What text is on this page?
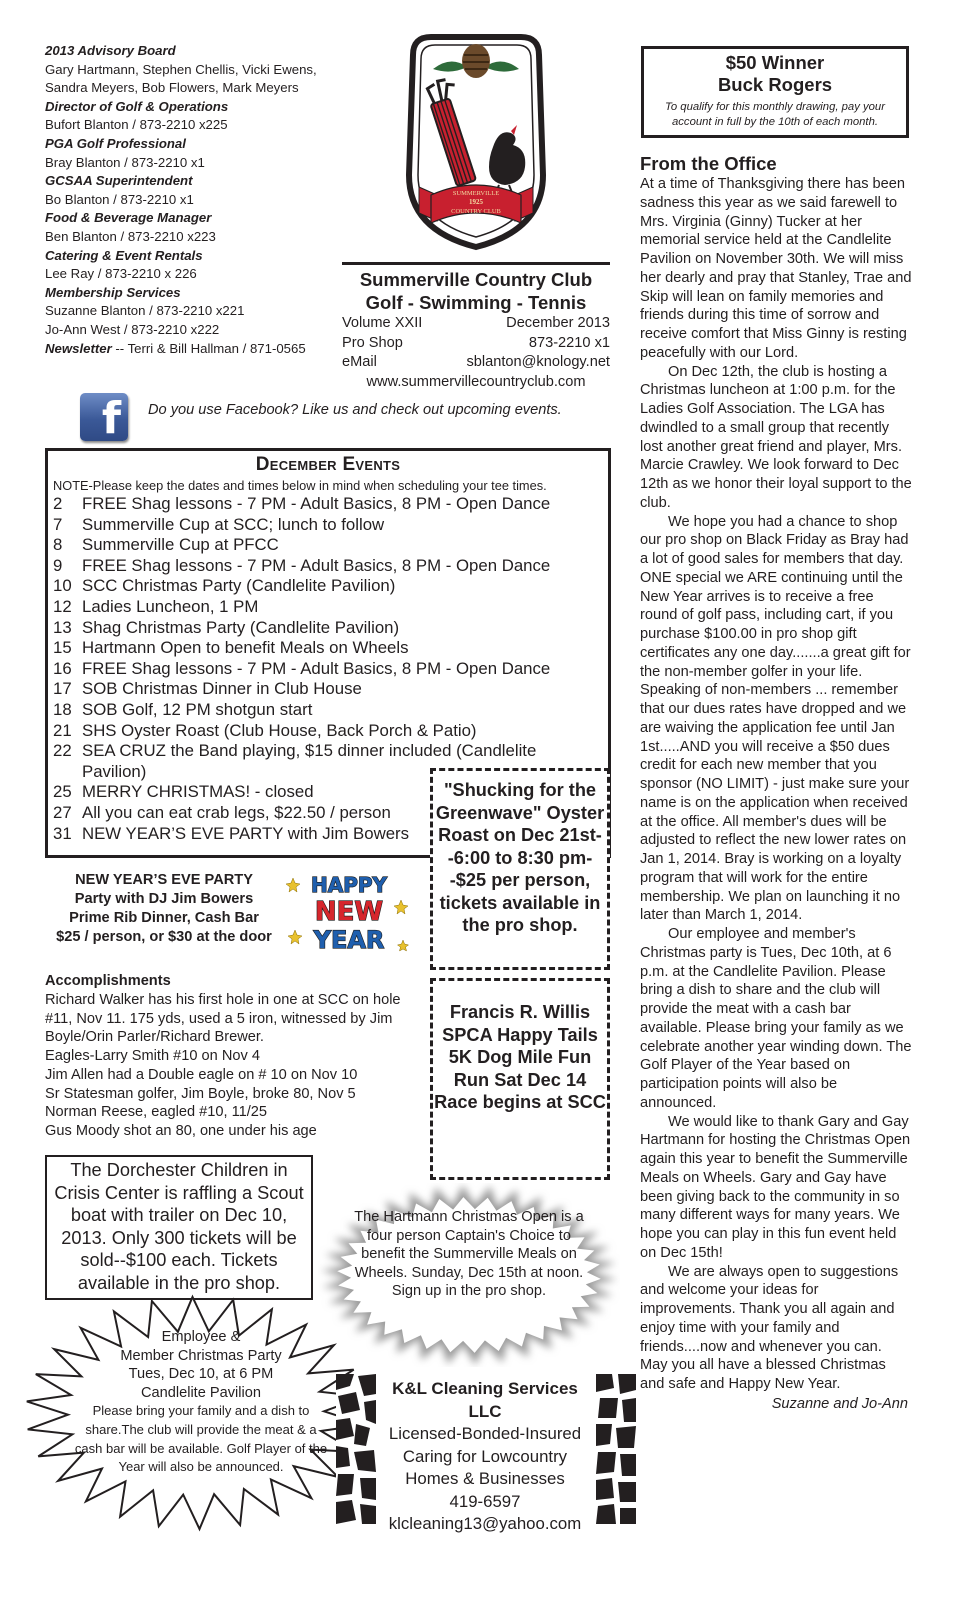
2013 Advisory Board
Gary Hartmann, Stephen Chellis, Vicki Ewens,
Sandra Meyers, Bob Flowers, Mark Meyers
Director of Golf & Operations
Bufort Blanton / 873-2210 x225
PGA Golf Professional
Bray Blanton / 873-2210 x1
GCSAA Superintendent
Bo Blanton / 873-2210 x1
Food & Beverage Manager
Ben Blanton / 873-2210 x223
Catering & Event Rentals
Lee Ray / 873-2210 x 226
Membership Services
Suzanne Blanton / 873-2210 x221
Jo-Ann West / 873-2210 x222
Newsletter -- Terri & Bill Hallman / 871-0565
SUMMERVILLE
1925
COUNTRY CLUB
Summerville Country Club
Golf - Swimming - Tennis
Volume XXII	December 2013
Pro Shop	873-2210 x1
eMail	sblanton@knology.net
www.summervillecountryclub.com
$50 Winner
Buck Rogers
To qualify for this monthly drawing, pay your account in full by the 10th of each month.
From the Office

At a time of Thanksgiving there has been sadness this year as we said farewell to Mrs. Virginia (Ginny) Tucker at her memorial service held at the Candlelite Pavilion on November 30th. We will miss her dearly and pray that Stanley, Trae and Skip will lean on family memories and friends during this time of sorrow and receive comfort that Miss Ginny is resting peacefully with our Lord.

On Dec 12th, the club is hosting a Christmas luncheon at 1:00 p.m. for the Ladies Golf Association. The LGA has dwindled to a small group that recently lost another great friend and player, Mrs. Marcie Crawley. We look forward to Dec 12th as we honor their loyal support to the club.

We hope you had a chance to shop our pro shop on Black Friday as Bray had a lot of good sales for members that day. ONE special we ARE continuing until the New Year arrives is to receive a free round of golf pass, including cart, if you purchase $100.00 in pro shop gift certificates any one day.......a great gift for the non-member golfer in your life.

Speaking of non-members ... remember that our dues rates have dropped and we are waiving the application fee until Jan 1st.....AND you will receive a $50 dues credit for each new member that you sponsor (NO LIMIT) - just make sure your name is on the application when received at the office. All member's dues will be adjusted to reflect the new lower rates on Jan 1, 2014. Bray is working on a loyalty program that will work for the entire membership. We plan on launching it no later than March 1, 2014.

Our employee and member's Christmas party is Tues, Dec 10th, at 6 p.m. at the Candlelite Pavilion. Please bring a dish to share and the club will provide the meat with a cash bar available. Please bring your family as we celebrate another year winding down. The Golf Player of the Year based on participation points will also be announced.

We would like to thank Gary and Gay Hartmann for hosting the Christmas Open again this year to benefit the Summerville Meals on Wheels. Gary and Gay have been giving back to the community in so many different ways for many years. We hope you can play in this fun event held on Dec 15th!

We are always open to suggestions and welcome your ideas for improvements. Thank you all again and enjoy time with your family and friends....now and whenever you can. May you all have a blessed Christmas and safe and Happy New Year.

Suzanne and Jo-Ann
f Do you use Facebook? Like us and check out upcoming events.
December Events
NOTE-Please keep the dates and times below in mind when scheduling your tee times.
2	FREE Shag lessons - 7 PM - Adult Basics, 8 PM - Open Dance
7	Summerville Cup at SCC; lunch to follow
8	Summerville Cup at PFCC
9	FREE Shag lessons - 7 PM - Adult Basics, 8 PM - Open Dance
10 SCC Christmas Party (Candlelite Pavilion)
12 Ladies Luncheon, 1 PM
13 Shag Christmas Party (Candlelite Pavilion)
15 Hartmann Open to benefit Meals on Wheels
16 FREE Shag lessons - 7 PM - Adult Basics, 8 PM - Open Dance
17 SOB Christmas Dinner in Club House
18 SOB Golf, 12 PM shotgun start
21 SHS Oyster Roast (Club House, Back Porch & Patio)
22 SEA CRUZ the Band playing, $15 dinner included (Candlelite Pavilion)
25 MERRY CHRISTMAS! - closed
27 All you can eat crab legs, $22.50 / person
31 NEW YEAR’S EVE PARTY with Jim Bowers
"Shucking for the Greenwave" Oyster Roast on Dec 21st--6:00 to 8:30 pm--$25 per person, tickets available in the pro shop.
Francis R. Willis SPCA Happy Tails 5K Dog Mile Fun Run Sat Dec 14 Race begins at SCC
NEW YEAR’S EVE PARTY
Party with DJ Jim Bowers
Prime Rib Dinner, Cash Bar
$25 / person, or $30 at the door
HAPPY
NEW
YEAR
Accomplishments
Richard Walker has his first hole in one at SCC on hole #11, Nov 11. 175 yds, used a 5 iron, witnessed by Jim Boyle/Orin Parler/Richard Brewer.
Eagles-Larry Smith #10 on Nov 4
Jim Allen had a Double eagle on # 10 on Nov 10
Sr Statesman golfer, Jim Boyle, broke 80, Nov 5
Norman Reese, eagled #10, 11/25
Gus Moody shot an 80, one under his age
The Dorchester Children in Crisis Center is raffling a Scout boat with trailer on Dec 10, 2013. Only 300 tickets will be sold--$100 each. Tickets available in the pro shop.
The Hartmann Christmas Open is a four person Captain's Choice to benefit the Summerville Meals on Wheels. Sunday, Dec 15th at noon. Sign up in the pro shop.
Employee &
Member Christmas Party
Tues, Dec 10, at 6 PM
Candlelite Pavilion
Please bring your family and a dish to share.The club will provide the meat & a cash bar will be available. Golf Player of the Year will also be announced.
K&L Cleaning Services LLC
Licensed-Bonded-Insured
Caring for Lowcountry
Homes & Businesses
419-6597
klcleaning13@yahoo.com
